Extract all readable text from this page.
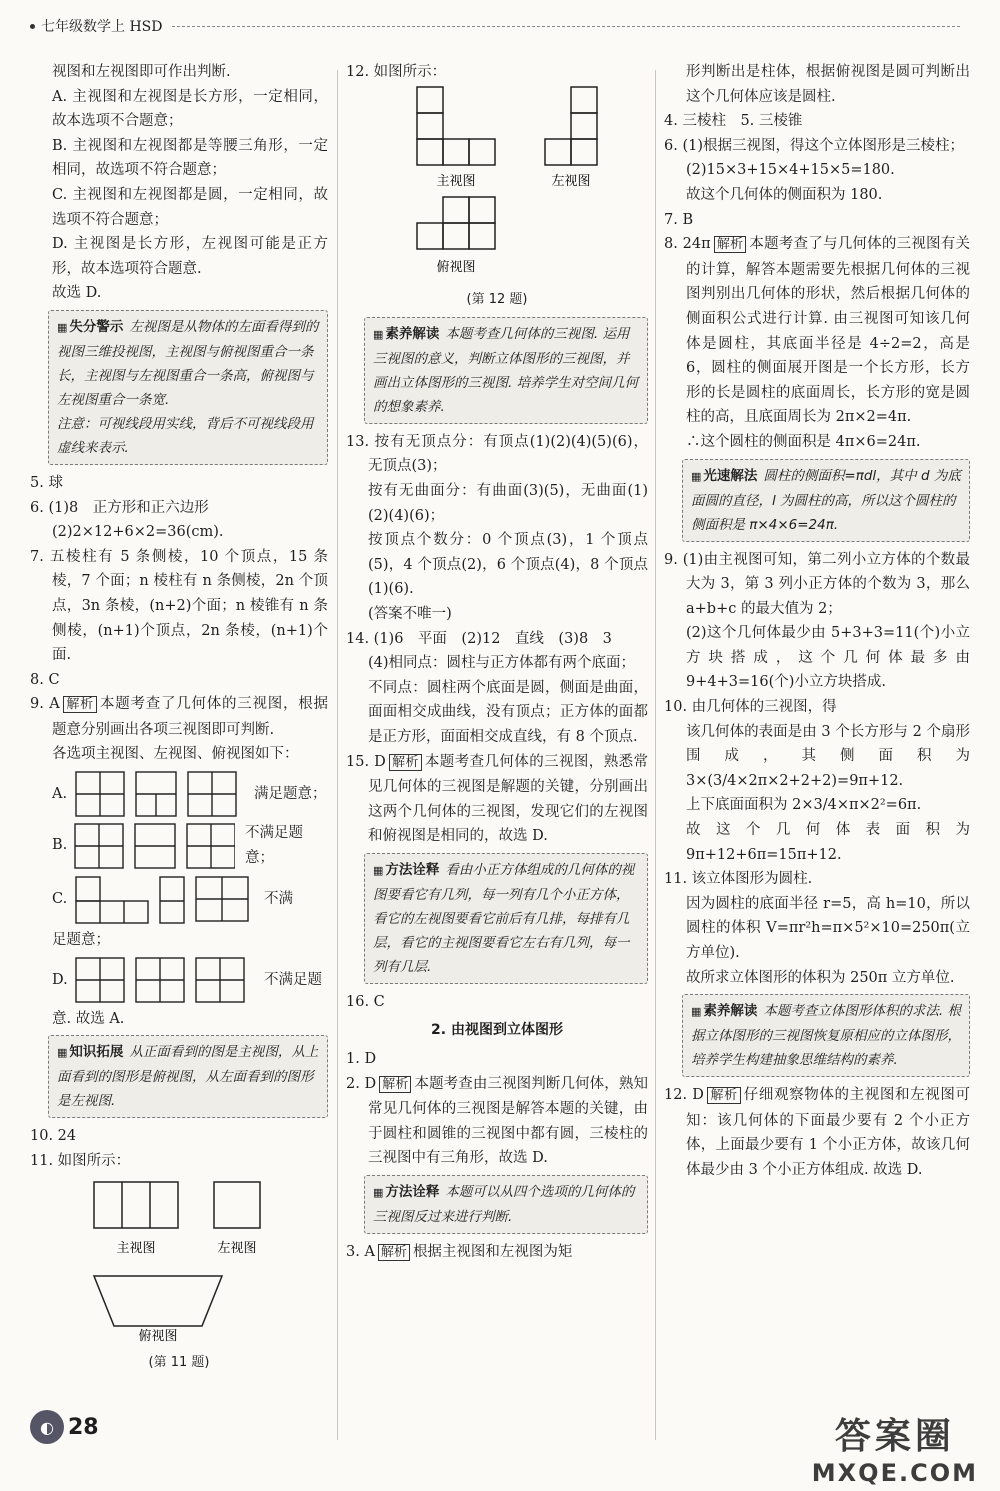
七年级数学上 HSD

视图和左视图即可作出判断.

A. 主视图和左视图是长方形，一定相同，故本选项不合题意；

B. 主视图和左视图都是等腰三角形，一定相同，故选项不符合题意；

C. 主视图和左视图都是圆，一定相同，故选项不符合题意；

D. 主视图是长方形，左视图可能是正方形，故本选项符合题意.

故选 D.

▦ 失分警示 左视图是从物体的左面看得到的视图三维投视图，主视图与俯视图重合一条长，主视图与左视图重合一条高，俯视图与左视图重合一条宽.

注意：可视线段用实线，背后不可视线段用虚线来表示.

5. 球

6. (1)8　正方形和正六边形

(2)2×12+6×2=36(cm).

7. 五棱柱有 5 条侧棱，10 个顶点，15 条棱，7 个面；n 棱柱有 n 条侧棱，2n 个顶点，3n 条棱，(n+2)个面；n 棱锥有 n 条侧棱，(n+1)个顶点，2n 条棱，(n+1)个面.

8. C

9. A 解析 本题考查了几何体的三视图，根据题意分别画出各项三视图即可判断.

各选项主视图、左视图、俯视图如下：

A.	满足题意；
B.
不满足题意；
C.	不满

足题意；

D.	不满足题

意. 故选 A.

▦ 知识拓展 从正面看到的图是主视图，从上面看到的图形是俯视图，从左面看到的图形是左视图.

10. 24

11. 如图所示：

主视图	左视图
俯视图
(第 11 题)

12. 如图所示：

主视图	左视图
俯视图
(第 12 题)

▦ 素养解读 本题考查几何体的三视图. 运用三视图的意义，判断立体图形的三视图，并画出立体图形的三视图. 培养学生对空间几何的想象素养.

13. 按有无顶点分：有顶点(1)(2)(4)(5)(6)，无顶点(3)；

按有无曲面分：有曲面(3)(5)，无曲面(1)(2)(4)(6)；

按顶点个数分：0 个顶点(3)，1 个顶点(5)，4 个顶点(2)，6 个顶点(4)，8 个顶点(1)(6).

(答案不唯一)

14. (1)6　平面　(2)12　直线　(3)8　3

(4)相同点：圆柱与正方体都有两个底面；

不同点：圆柱两个底面是圆，侧面是曲面，面面相交成曲线，没有顶点；正方体的面都是正方形，面面相交成直线，有 8 个顶点.

15. D 解析 本题考查几何体的三视图，熟悉常见几何体的三视图是解题的关键，分别画出这两个几何体的三视图，发现它们的左视图和俯视图是相同的，故选 D.

▦ 方法诠释 看由小正方体组成的几何体的视图要看它有几列，每一列有几个小正方体，看它的左视图要看它前后有几排，每排有几层，看它的主视图要看它左右有几列，每一列有几层.

16. C

2. 由视图到立体图形

1. D

2. D 解析 本题考查由三视图判断几何体，熟知常见几何体的三视图是解答本题的关键，由于圆柱和圆锥的三视图中都有圆，三棱柱的三视图中有三角形，故选 D.

▦ 方法诠释 本题可以从四个选项的几何体的三视图反过来进行判断.

3. A 解析 根据主视图和左视图为矩

形判断出是柱体，根据俯视图是圆可判断出这个几何体应该是圆柱.

4. 三棱柱　5. 三棱锥

6. (1)根据三视图，得这个立体图形是三棱柱；

(2)15×3+15×4+15×5=180.

故这个几何体的侧面积为 180.

7. B

8. 24π 解析 本题考查了与几何体的三视图有关的计算，解答本题需要先根据几何体的三视图判别出几何体的形状，然后根据几何体的侧面积公式进行计算. 由三视图可知该几何体是圆柱，其底面半径是 4÷2=2，高是 6，圆柱的侧面展开图是一个长方形，长方形的长是圆柱的底面周长，长方形的宽是圆柱的高，且底面周长为 2π×2=4π.

∴这个圆柱的侧面积是 4π×6=24π.

▦ 光速解法 圆柱的侧面积=πdl，其中 d 为底面圆的直径，l 为圆柱的高，所以这个圆柱的侧面积是 π×4×6=24π.

9. (1)由主视图可知，第二列小立方体的个数最大为 3，第 3 列小正方体的个数为 3，那么 a+b+c 的最大值为 2；

(2)这个几何体最少由 5+3+3=11(个)小立方块搭成，这个几何体最多由 9+4+3=16(个)小立方块搭成.

10. 由几何体的三视图，得

该几何体的表面是由 3 个长方形与 2 个扇形围成，其侧面积为 3×(3/4×2π×2+2+2)=9π+12.

上下底面面积为 2×3/4×π×2²=6π.

故这个几何体表面积为 9π+12+6π=15π+12.

11. 该立体图形为圆柱.

因为圆柱的底面半径 r=5，高 h=10，所以圆柱的体积 V=πr²h=π×5²×10=250π(立方单位).

故所求立体图形的体积为 250π 立方单位.

▦ 素养解读 本题考查立体图形体积的求法. 根据立体图形的三视图恢复原相应的立体图形，培养学生构建抽象思维结构的素养.

12. D 解析 仔细观察物体的主视图和左视图可知：该几何体的下面最少要有 2 个小正方体，上面最少要有 1 个小正方体，故该几何体最少由 3 个小正方体组成. 故选 D.

◐ 28	答案圈
MXQE.COM
